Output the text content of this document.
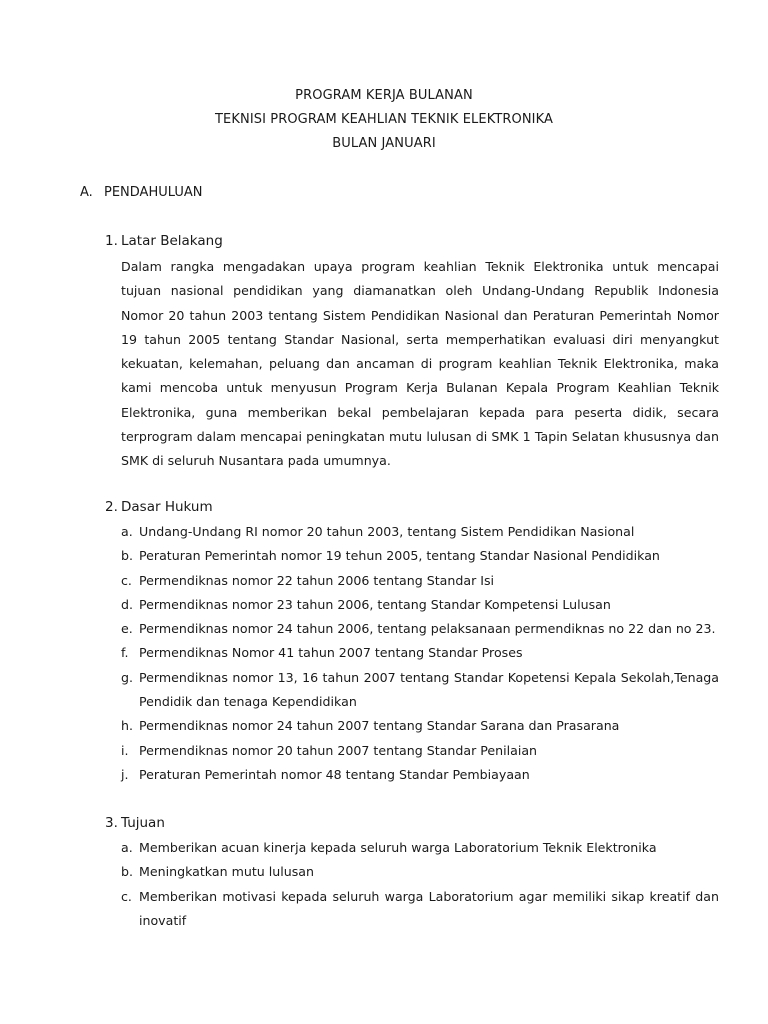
PROGRAM KERJA BULANAN
TEKNISI PROGRAM KEAHLIAN TEKNIK ELEKTRONIKA
BULAN JANUARI
A. PENDAHULUAN
1. Latar Belakang
Dalam rangka mengadakan upaya program keahlian Teknik Elektronika untuk mencapai tujuan nasional pendidikan yang diamanatkan oleh Undang-Undang Republik Indonesia Nomor 20 tahun 2003 tentang Sistem Pendidikan Nasional dan Peraturan Pemerintah Nomor 19 tahun 2005 tentang Standar Nasional, serta memperhatikan evaluasi diri menyangkut kekuatan, kelemahan, peluang dan ancaman di program keahlian Teknik Elektronika, maka kami mencoba untuk menyusun Program Kerja Bulanan Kepala Program Keahlian Teknik Elektronika, guna memberikan bekal pembelajaran kepada para peserta didik, secara terprogram dalam mencapai peningkatan mutu lulusan di SMK 1 Tapin Selatan khususnya dan SMK di seluruh Nusantara pada umumnya.
2. Dasar Hukum
a. Undang-Undang RI nomor 20 tahun 2003, tentang Sistem Pendidikan Nasional
b. Peraturan Pemerintah nomor 19 tehun 2005, tentang Standar Nasional Pendidikan
c. Permendiknas nomor 22 tahun 2006 tentang Standar Isi
d. Permendiknas nomor 23 tahun 2006, tentang Standar Kompetensi Lulusan
e. Permendiknas nomor 24 tahun 2006, tentang pelaksanaan permendiknas no 22 dan no 23.
f. Permendiknas Nomor 41 tahun 2007 tentang Standar Proses
g. Permendiknas nomor 13, 16 tahun 2007 tentang Standar Kopetensi Kepala Sekolah,Tenaga Pendidik dan tenaga Kependidikan
h. Permendiknas nomor 24 tahun 2007 tentang Standar Sarana dan Prasarana
i. Permendiknas nomor 20 tahun 2007 tentang Standar Penilaian
j. Peraturan Pemerintah nomor 48 tentang Standar Pembiayaan
3. Tujuan
a. Memberikan acuan kinerja kepada seluruh warga Laboratorium Teknik Elektronika
b. Meningkatkan mutu lulusan
c. Memberikan motivasi kepada seluruh warga Laboratorium agar memiliki sikap kreatif dan inovatif
